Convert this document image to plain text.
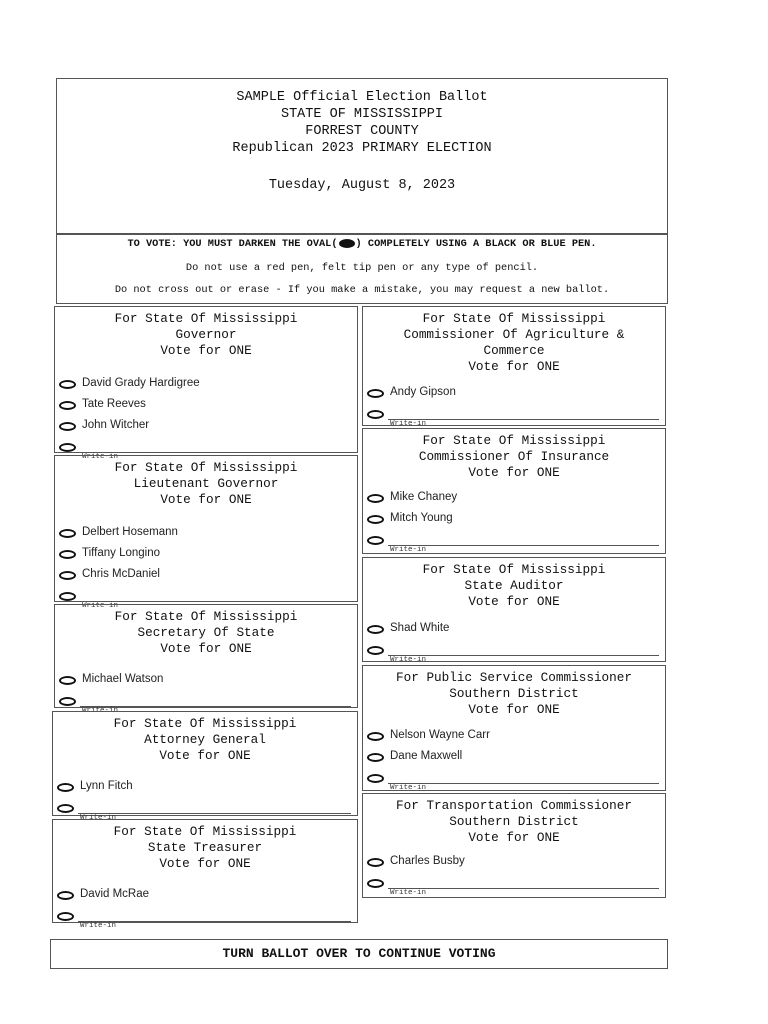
SAMPLE Official Election Ballot
STATE OF MISSISSIPPI
FORREST COUNTY
Republican 2023 PRIMARY ELECTION
Tuesday, August 8, 2023
TO VOTE: YOU MUST DARKEN THE OVAL( ) COMPLETELY USING A BLACK OR BLUE PEN.
Do not use a red pen, felt tip pen or any type of pencil.
Do not cross out or erase - If you make a mistake, you may request a new ballot.
For State Of Mississippi
Governor
Vote for ONE
David Grady Hardigree
Tate Reeves
John Witcher
Write-in
For State Of Mississippi
Lieutenant Governor
Vote for ONE
Delbert Hosemann
Tiffany Longino
Chris McDaniel
Write-in
For State Of Mississippi
Secretary Of State
Vote for ONE
Michael Watson
Write-in
For State Of Mississippi
Attorney General
Vote for ONE
Lynn Fitch
Write-in
For State Of Mississippi
State Treasurer
Vote for ONE
David McRae
Write-in
For State Of Mississippi
Commissioner Of Agriculture &
Commerce
Vote for ONE
Andy Gipson
Write-in
For State Of Mississippi
Commissioner Of Insurance
Vote for ONE
Mike Chaney
Mitch Young
Write-in
For State Of Mississippi
State Auditor
Vote for ONE
Shad White
Write-in
For Public Service Commissioner
Southern District
Vote for ONE
Nelson Wayne Carr
Dane Maxwell
Write-in
For Transportation Commissioner
Southern District
Vote for ONE
Charles Busby
Write-in
TURN BALLOT OVER TO CONTINUE VOTING
